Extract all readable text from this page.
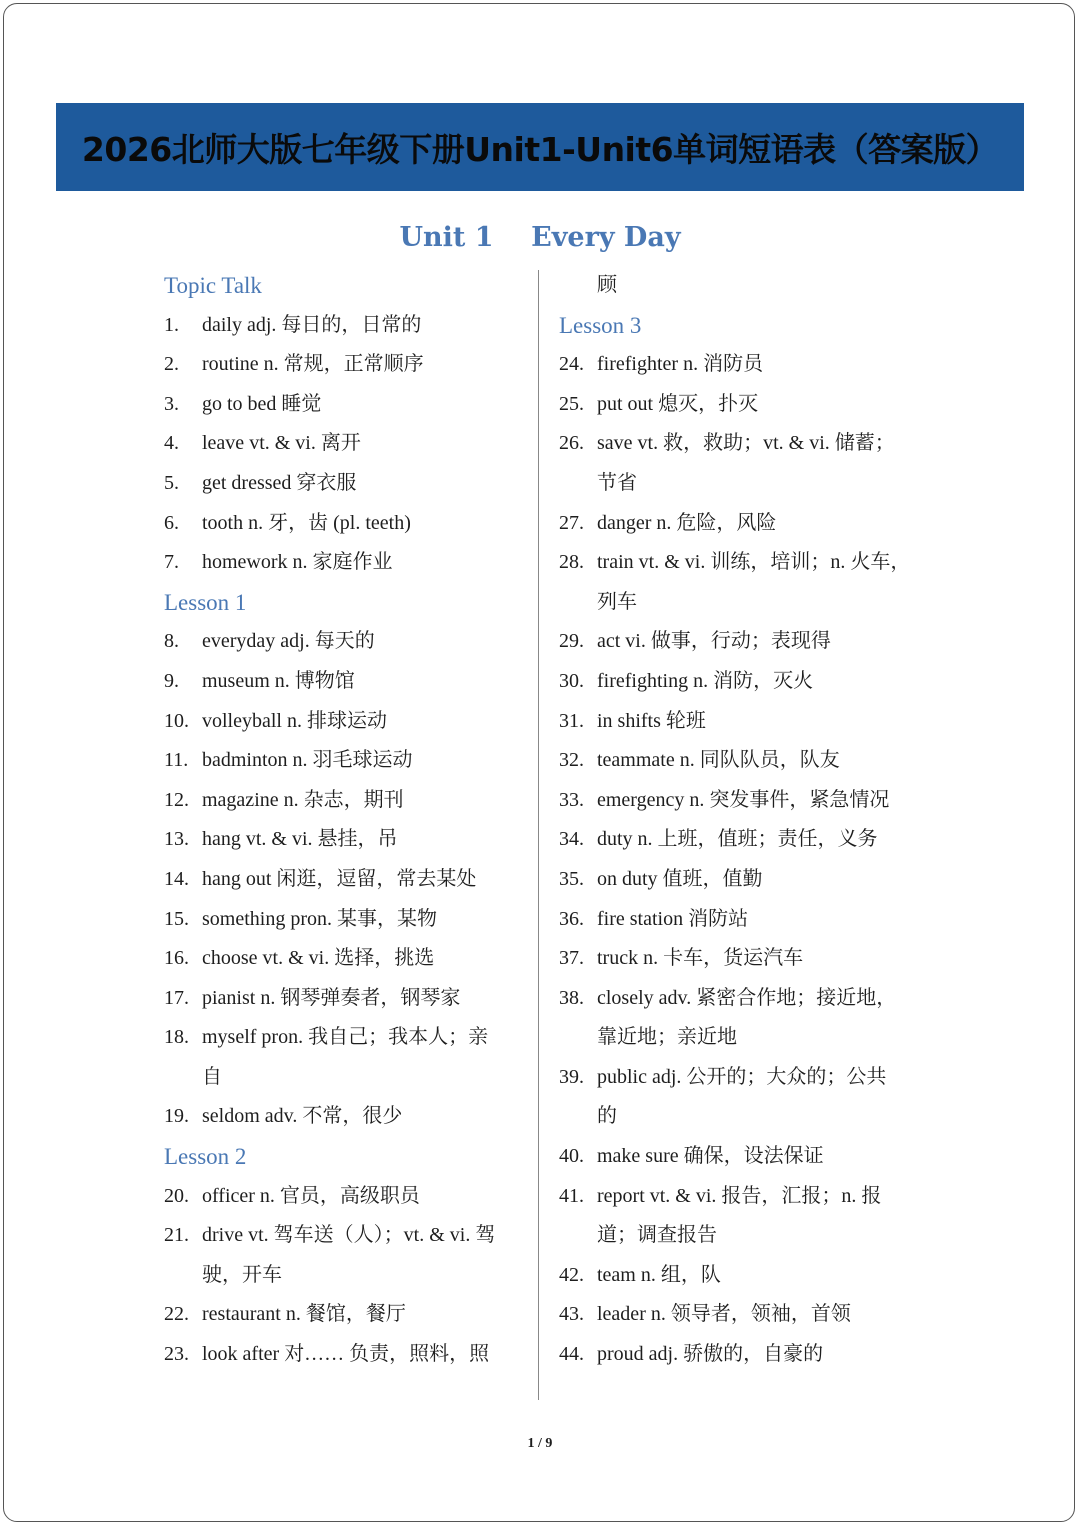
2026北师大版七年级下册Unit1-Unit6单词短语表（答案版）
Unit 1    Every Day
Topic Talk
1. daily adj. 每日的，日常的
2. routine n. 常规，正常顺序
3. go to bed 睡觉
4. leave vt. & vi. 离开
5. get dressed 穿衣服
6. tooth n. 牙，齿 (pl. teeth)
7. homework n. 家庭作业
Lesson 1
8. everyday adj. 每天的
9. museum n. 博物馆
10. volleyball n. 排球运动
11. badminton n. 羽毛球运动
12. magazine n. 杂志，期刊
13. hang vt. & vi. 悬挂，吊
14. hang out 闲逛，逗留，常去某处
15. something pron. 某事，某物
16. choose vt. & vi. 选择，挑选
17. pianist n. 钢琴弹奏者，钢琴家
18. myself pron. 我自己；我本人；亲
自
19. seldom adv. 不常，很少
Lesson 2
20. officer n. 官员，高级职员
21. drive vt. 驾车送（人）；vt. & vi. 驾
驶，开车
22. restaurant n. 餐馆，餐厅
23. look after 对…… 负责，照料，照
顾
Lesson 3
24. firefighter n. 消防员
25. put out 熄灭，扑灭
26. save vt. 救，救助；vt. & vi. 储蓄；
节省
27. danger n. 危险，风险
28. train vt. & vi. 训练，培训；n. 火车，
列车
29. act vi. 做事，行动；表现得
30. firefighting n. 消防，灭火
31. in shifts 轮班
32. teammate n. 同队队员，队友
33. emergency n. 突发事件，紧急情况
34. duty n. 上班，值班；责任，义务
35. on duty 值班，值勤
36. fire station 消防站
37. truck n. 卡车，货运汽车
38. closely adv. 紧密合作地；接近地，
靠近地；亲近地
39. public adj. 公开的；大众的；公共
的
40. make sure 确保，设法保证
41. report vt. & vi. 报告，汇报；n. 报
道；调查报告
42. team n. 组，队
43. leader n. 领导者，领袖，首领
44. proud adj. 骄傲的，自豪的
1 / 9
